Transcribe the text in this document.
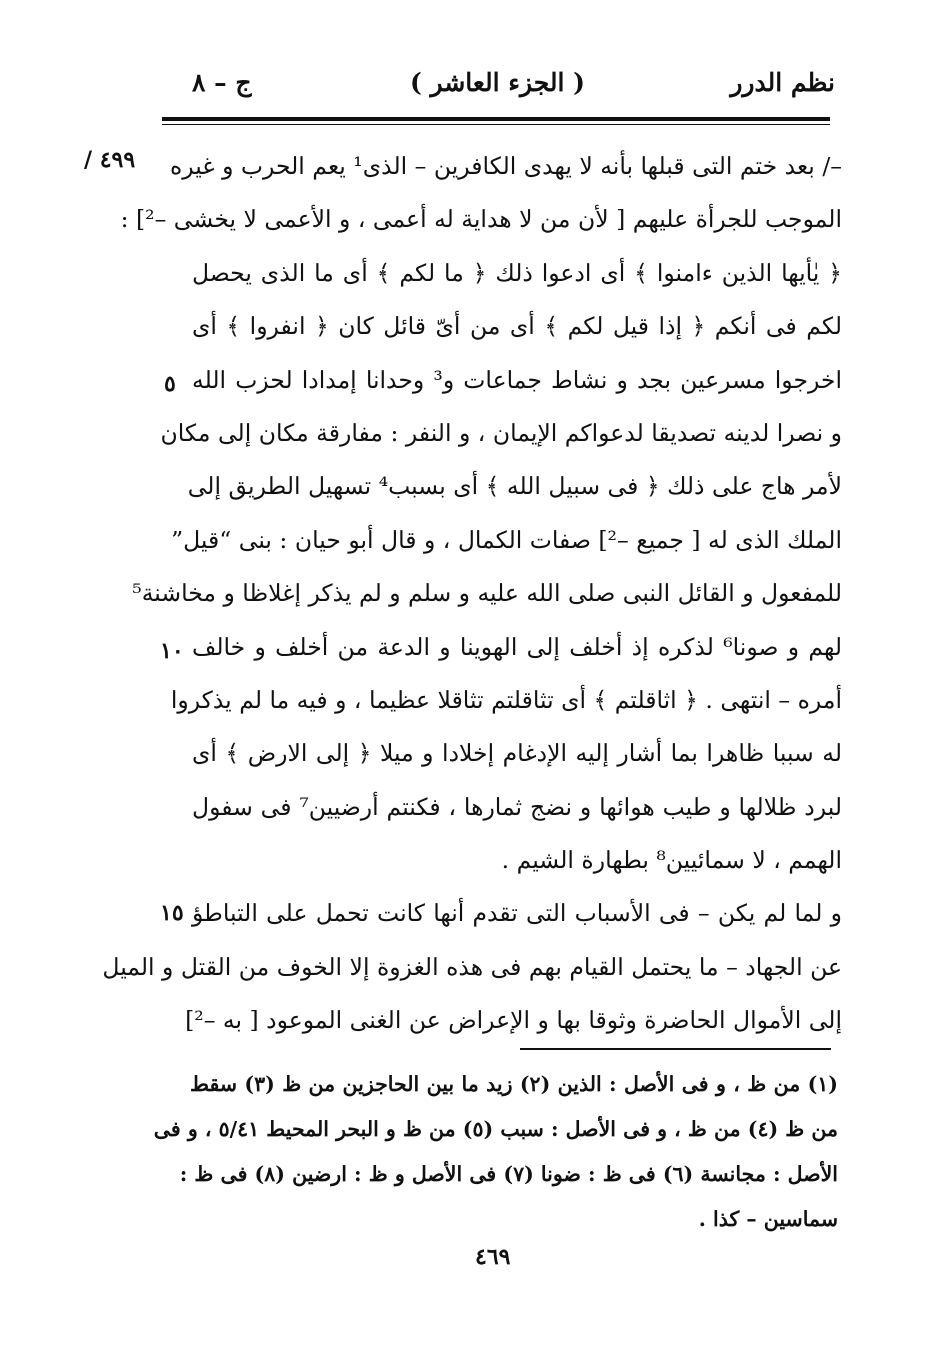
نظم الدرر
( الجزء العاشر )
ج – ٨
/ ٤٩٩
٥
١٠
١٥
–/ بعد ختم التى قبلها بأنه لا يهدى الكافرين – الذى¹ يعم الحرب و غيره
الموجب للجرأة عليهم [ لأن من لا هداية له أعمى ، و الأعمى لا يخشى –²] :
﴿ يٰأيها الذين ءامنوا ﴾ أى ادعوا ذلك ﴿ ما لكم ﴾ أى ما الذى يحصل
لكم فى أنكم ﴿ إذا قيل لكم ﴾ أى من أىّ قائل كان ﴿ انفروا ﴾ أى
اخرجوا مسرعين بجد و نشاط جماعات و³ وحدانا إمدادا لحزب الله
و نصرا لدينه تصديقا لدعواكم الإيمان ، و النفر : مفارقة مكان إلى مكان
لأمر هاج على ذلك ﴿ فى سبيل الله ﴾ أى بسبب⁴ تسهيل الطريق إلى
الملك الذى له [ جميع –²] صفات الكمال ، و قال أبو حيان : بنى “قيل”
للمفعول و القائل النبى صلى الله عليه و سلم و لم يذكر إغلاظا و مخاشنة⁵
لهم و صونا⁶ لذكره إذ أخلف إلى الهوينا و الدعة من أخلف و خالف
أمره – انتهى . ﴿ اثاقلتم ﴾ أى تثاقلتم تثاقلا عظيما ، و فيه ما لم يذكروا
له سببا ظاهرا بما أشار إليه الإدغام إخلادا و ميلا ﴿ إلى الارض ﴾ أى
لبرد ظلالها و طيب هوائها و نضج ثمارها ، فكنتم أرضيين⁷ فى سفول
الهمم ، لا سمائيين⁸ بطهارة الشيم .
و لما لم يكن – فى الأسباب التى تقدم أنها كانت تحمل على التباطؤ
عن الجهاد – ما يحتمل القيام بهم فى هذه الغزوة إلا الخوف من القتل و الميل
إلى الأموال الحاضرة وثوقا بها و الإعراض عن الغنى الموعود [ به –²]
(١) من ظ ، و فى الأصل : الذين (٢) زيد ما بين الحاجزين من ظ (٣) سقط
من ظ (٤) من ظ ، و فى الأصل : سبب (٥) من ظ و البحر المحيط ٥/٤١ ، و فى
الأصل : مجانسة (٦) فى ظ : ضونا (٧) فى الأصل و ظ : ارضين (٨) فى ظ :
سماسين – كذا .
٤٦٩
